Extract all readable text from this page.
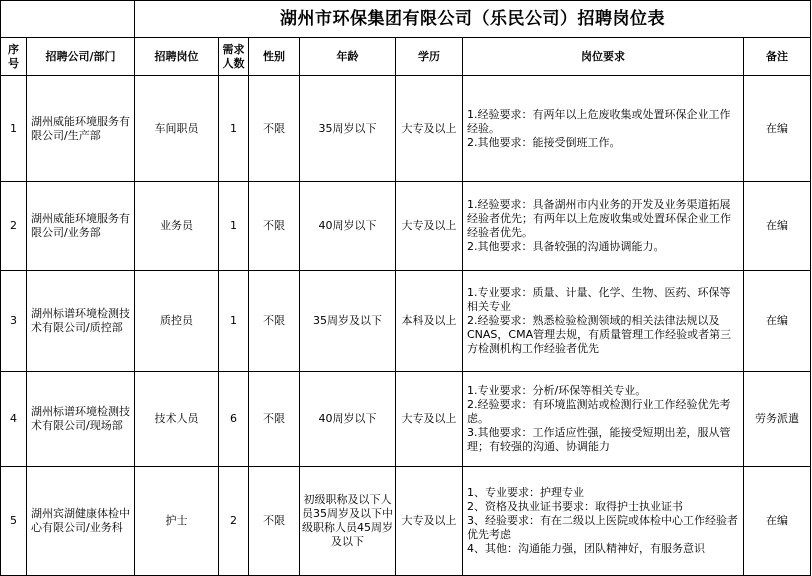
		湖州市环保集团有限公司（乐民公司）招聘岗位表						
序号	招聘公司/部门	招聘岗位	需求人数	性别	年龄	学历	岗位要求	备注
1	湖州威能环境服务有限公司/生产部	车间职员	1	不限	35周岁以下	大专及以上	1.经验要求：有两年以上危废收集或处置环保企业工作经验。
2.其他要求：能接受倒班工作。	在编
2	湖州威能环境服务有限公司/业务部	业务员	1	不限	40周岁以下	大专及以上	1.经验要求：具备湖州市内业务的开发及业务渠道拓展经验者优先；有两年以上危废收集或处置环保企业工作经验者优先。
2.其他要求：具备较强的沟通协调能力。	在编
3	湖州标谱环境检测技术有限公司/质控部	质控员	1	不限	35周岁及以下	本科及以上	1.专业要求：质量、计量、化学、生物、医药、环保等相关专业
2.经验要求：熟悉检验检测领域的相关法律法规以及CNAS，CMA管理去规，有质量管理工作经验或者第三方检测机构工作经验者优先	在编
4	湖州标谱环境检测技术有限公司/现场部	技术人员	6	不限	40周岁以下	大专及以上	1.专业要求：分析/环保等相关专业。
2.经验要求：有环境监测站或检测行业工作经验优先考虑。
3.其他要求：工作适应性强，能接受短期出差，服从管理；有较强的沟通、协调能力	劳务派遣
5	湖州宾湖健康体检中心有限公司/业务科	护士	2	不限	初级职称及以下人员35周岁及以下中级职称人员45周岁及以下	大专及以上	1、专业要求：护理专业
2、资格及执业证书要求：取得护士执业证书
3、经验要求：有在二级以上医院或体检中心工作经验者优先考虑
4、其他：沟通能力强，团队精神好，有服务意识	在编
